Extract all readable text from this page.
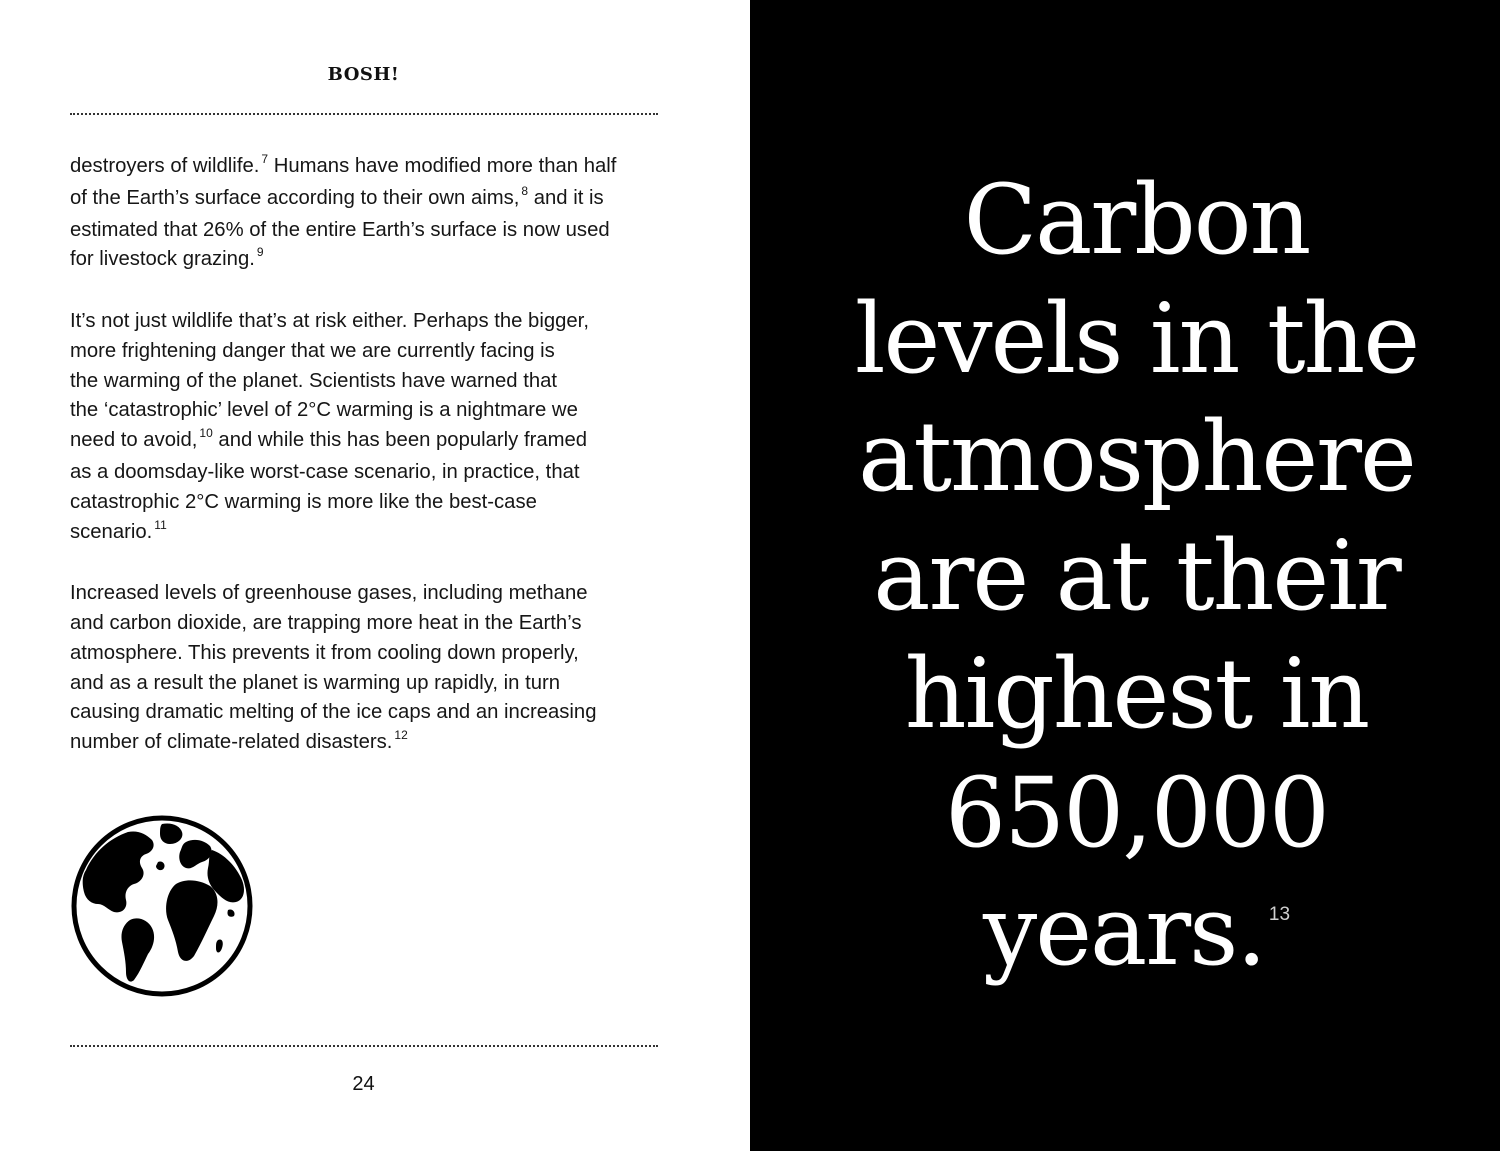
BOSH!
destroyers of wildlife. $^7$ Humans have modified more than half
of the Earth’s surface according to their own aims, $^8$ and it is
estimated that 26% of the entire Earth’s surface is now used
for livestock grazing. $^9$
It’s not just wildlife that’s at risk either. Perhaps the bigger,
more frightening danger that we are currently facing is
the warming of the planet. Scientists have warned that
the ‘catastrophic’ level of 2°C warming is a nightmare we
need to avoid, $^{10}$ and while this has been popularly framed
as a doomsday-like worst-case scenario, in practice, that
catastrophic 2°C warming is more like the best-case
scenario. $^{11}$
Increased levels of greenhouse gases, including methane
and carbon dioxide, are trapping more heat in the Earth’s
atmosphere. This prevents it from cooling down properly,
and as a result the planet is warming up rapidly, in turn
causing dramatic melting of the ice caps and an increasing
number of climate-related disasters. $^{12}$
24
Carbon
levels in the
atmosphere
are at their
highest in
650,000
years. $^{13}$
